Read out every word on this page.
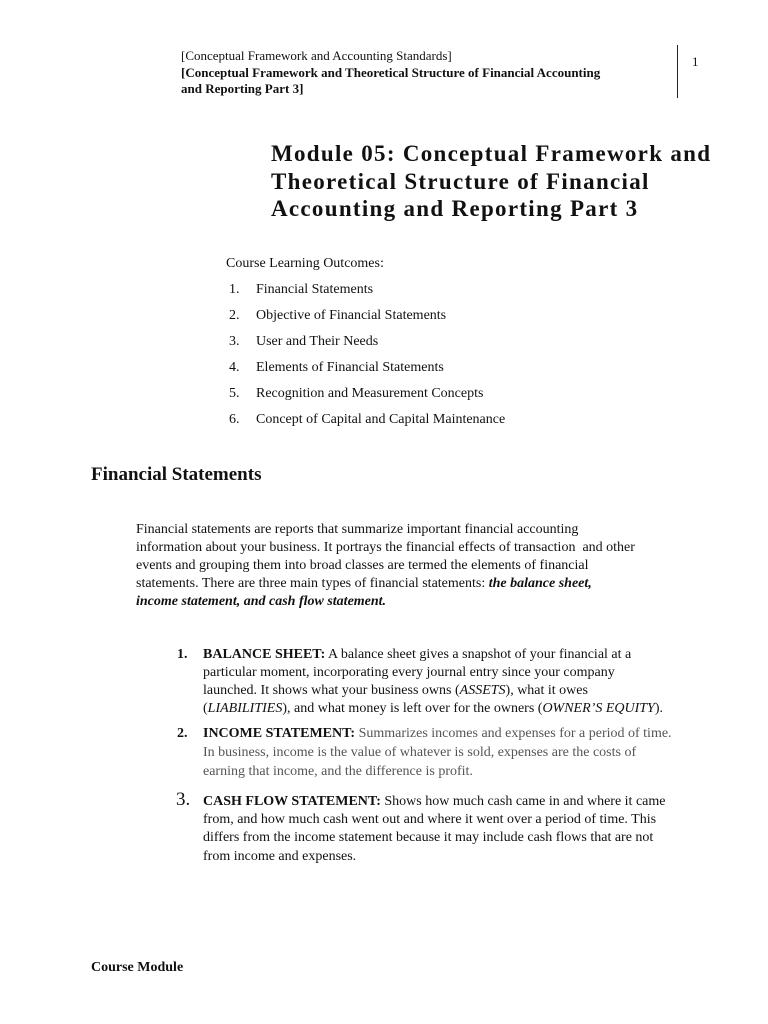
[Conceptual Framework and Accounting Standards]
[Conceptual Framework and Theoretical Structure of Financial Accounting
and Reporting Part 3]
1
Module 05: Conceptual Framework and
Theoretical Structure of Financial
Accounting and Reporting Part 3
Course Learning Outcomes:
1. Financial Statements
2. Objective of Financial Statements
3. User and Their Needs
4. Elements of Financial Statements
5. Recognition and Measurement Concepts
6. Concept of Capital and Capital Maintenance
Financial Statements
Financial statements are reports that summarize important financial accounting
information about your business. It portrays the financial effects of transaction  and other
events and grouping them into broad classes are termed the elements of financial
statements. There are three main types of financial statements: the balance sheet,
income statement, and cash flow statement.
1. BALANCE SHEET: A balance sheet gives a snapshot of your financial at a
particular moment, incorporating every journal entry since your company
launched. It shows what your business owns (ASSETS), what it owes
(LIABILITIES), and what money is left over for the owners (OWNER’S EQUITY).
2. INCOME STATEMENT: Summarizes incomes and expenses for a period of time.
In business, income is the value of whatever is sold, expenses are the costs of
earning that income, and the difference is profit.
3. CASH FLOW STATEMENT: Shows how much cash came in and where it came
from, and how much cash went out and where it went over a period of time. This
differs from the income statement because it may include cash flows that are not
from income and expenses.
Course Module
